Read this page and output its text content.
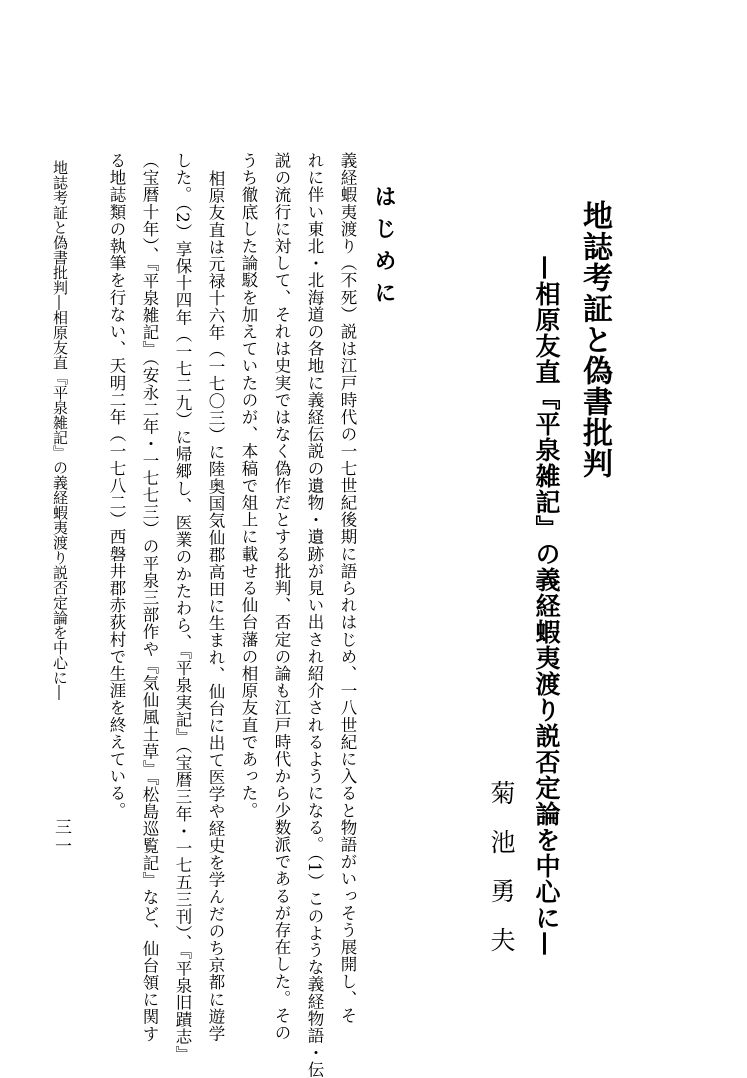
地誌考証と偽書批判
—相原友直『平泉雑記』の義経蝦夷渡り説否定論を中心に—
菊池勇夫
はじめに
義経蝦夷渡り（不死）説は江戸時代の一七世紀後期に語られはじめ、一八世紀に入ると物語がいっそう展開し、そ
れに伴い東北・北海道の各地に義経伝説の遺物・遺跡が見い出され紹介されるようになる。（1）このような義経物語・伝
説の流行に対して、それは史実ではなく偽作だとする批判、否定の論も江戸時代から少数派であるが存在した。その
うち徹底した論駁を加えていたのが、本稿で俎上に載せる仙台藩の相原友直であった。
相原友直は元禄十六年（一七〇三）に陸奥国気仙郡高田に生まれ、仙台に出て医学や経史を学んだのち京都に遊学
した。（2）享保十四年（一七二九）に帰郷し、医業のかたわら、『平泉実記』（宝暦三年・一七五三刊）、『平泉旧蹟志』
（宝暦十年）、『平泉雑記』（安永二年・一七七三）の平泉三部作や『気仙風土草』『松島巡覧記』など、仙台領に関す
る地誌類の執筆を行ない、天明二年（一七八二）西磐井郡赤荻村で生涯を終えている。
地誌考証と偽書批判―相原友直『平泉雑記』の義経蝦夷渡り説否定論を中心に―
三一
